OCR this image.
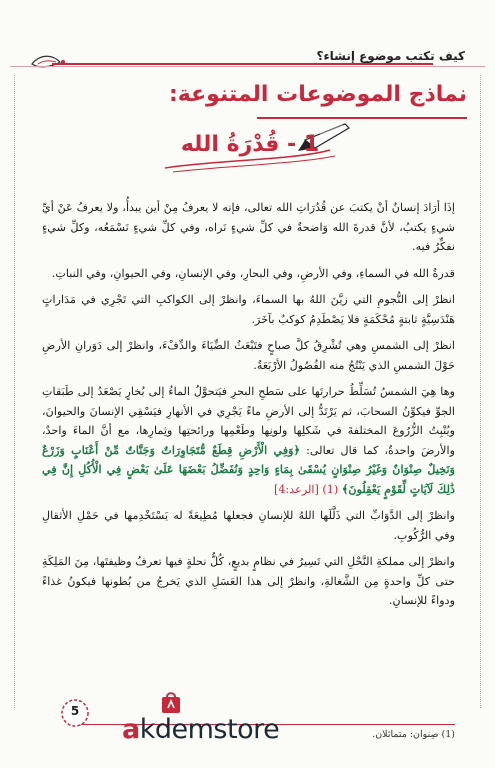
كيف تكتب موضوع إنشاء؟
نماذج الموضوعات المتنوعة:
1 - قُدْرَةُ الله

إذَا أرَادَ إنسانٌ أنْ يكتبَ عن قُدُرَاتِ الله تعالى، فإنه لا يعرفُ مِنْ أين يبدأُ، ولا يعرفُ عَنْ أيِّ شيءٍ يكتبُ، لأنَّ قدرةَ الله وَاضحةٌ في كلِّ شيءٍ نَراه، وفي كلِّ شيءٍ نَسْمَعُه، وكلِّ شيءٍ نفكِّرُ فيه.

قدرةُ الله في السماءِ، وفي الأرضِ، وفي البحارِ، وفي الإنسانِ، وفي الحيوانِ، وفي النباتِ.

انظرْ إلى النُّجومِ التي زيَّنَ اللهُ بها السماءَ، وانظرْ إلى الكواكبِ التي تَجْرِي في مَدَاراتٍ هَنْدَسِيَّةٍ ثابتةٍ مُحْكَمَةٍ فلا يَصْطَدِمُ كوكبٌ بآخَرَ.

انظرْ إلى الشمسِ وهي تُشْرِقُ كلَّ صباحٍ فتَبْعَثُ الضِّيَاءَ والدِّفْءَ، وانظرْ إلى دَوَرانِ الأرضِ حَوْلَ الشمسِ الذي يَنْتُجُ منه الفُصُولُ الأرْبَعَةُ.

وها هِيَ الشمسُ تُسَلِّطُ حرارتَها على سَطحِ البحرِ فيَتحوَّلُ الماءُ إلى بُخارٍ يَصْعَدُ إلى طَبَقاتِ الجوِّ فيكوِّنُ السحابَ، ثم يَرْتَدُّ إلى الأرضِ ماءً يَجْرِي في الأنهارِ فيَسْقِي الإنسانَ والحيوانَ، ويُنْبِتُ الزُّرُوعَ المختلفةَ في شَكلِها ولونِها وطَعْمِها ورائحتِها وثِمارِها، مع أنَّ الماءَ واحدٌ، والأرضَ واحدةٌ، كما قال تعالى: ﴿وَفِي الْأَرْضِ قِطَعٌ مُّتَجَاوِرَاتٌ وَجَنَّاتٌ مِّنْ أَعْنَابٍ وَزَرْعٌ وَنَخِيلٌ صِنْوَانٌ وَغَيْرُ صِنْوَانٍ يُسْقَىٰ بِمَاءٍ وَاحِدٍ وَنُفَضِّلُ بَعْضَهَا عَلَىٰ بَعْضٍ فِي الْأُكُلِ إِنَّ فِي ذَٰلِكَ لَآيَاتٍ لِّقَوْمٍ يَعْقِلُونَ﴾ (1) [الرعد:4]

وانظرْ إلى الدَّوَابِّ التي ذَلَّلَها اللهُ للإنسانِ فجعلها مُطِيعَةً له يَسْتَخْدِمها في حَمْلِ الأثقالِ وفي الرُّكُوبِ.

وانظرْ إلى مملكةِ النَّحْلِ التي تَسِيرُ في نظامٍ بديعٍ، كُلُّ نحلةٍ فيها تعرفُ وظيفتَها، مِنَ المَلِكَةِ حتى كلِّ واحدةٍ مِن الشَّغالةِ، وانظرْ إلى هذا العَسَلِ الذي يَخرجُ من بُطونها فيكونُ غذاءً ودواءً للإنسانِ.

(1) صِنوان: متماثلان.
5
akdemstore
